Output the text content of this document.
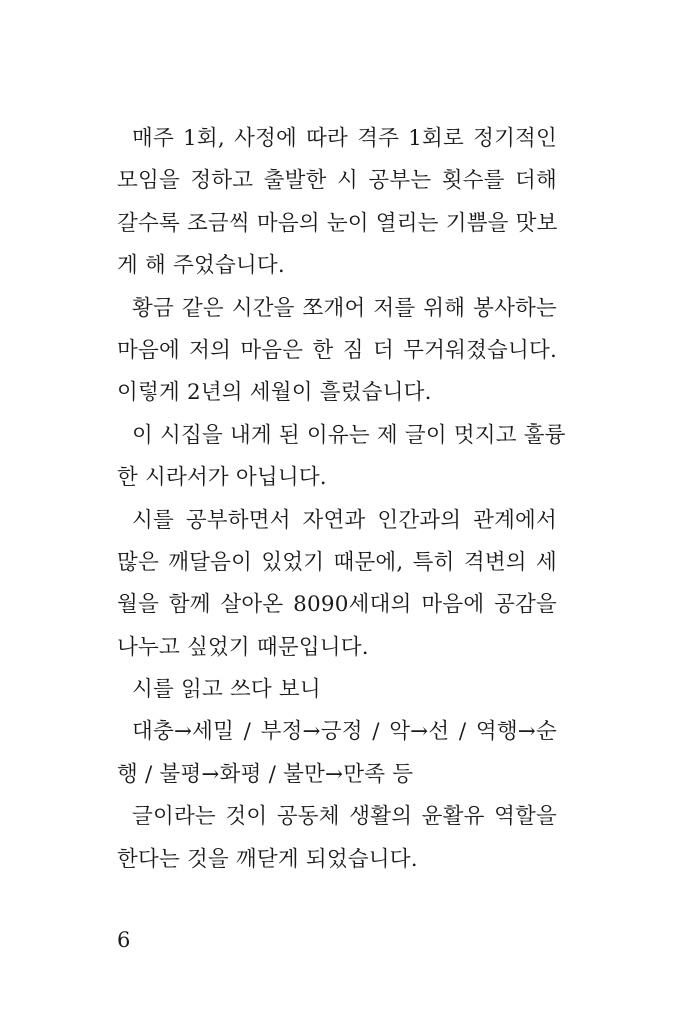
매주 1회, 사정에 따라 격주 1회로 정기적인
모임을 정하고 출발한 시 공부는 횟수를 더해
갈수록 조금씩 마음의 눈이 열리는 기쁨을 맛보
게 해 주었습니다.
황금 같은 시간을 쪼개어 저를 위해 봉사하는
마음에 저의 마음은 한 짐 더 무거워졌습니다.
이렇게 2년의 세월이 흘렀습니다.
이 시집을 내게 된 이유는 제 글이 멋지고 훌륭
한 시라서가 아닙니다.
시를 공부하면서 자연과 인간과의 관계에서
많은 깨달음이 있었기 때문에, 특히 격변의 세
월을 함께 살아온 8090세대의 마음에 공감을
나누고 싶었기 때문입니다.
시를 읽고 쓰다 보니
대충→세밀 / 부정→긍정 / 악→선 / 역행→순
행 / 불평→화평 / 불만→만족 등
글이라는 것이 공동체 생활의 윤활유 역할을
한다는 것을 깨닫게 되었습니다.
6
